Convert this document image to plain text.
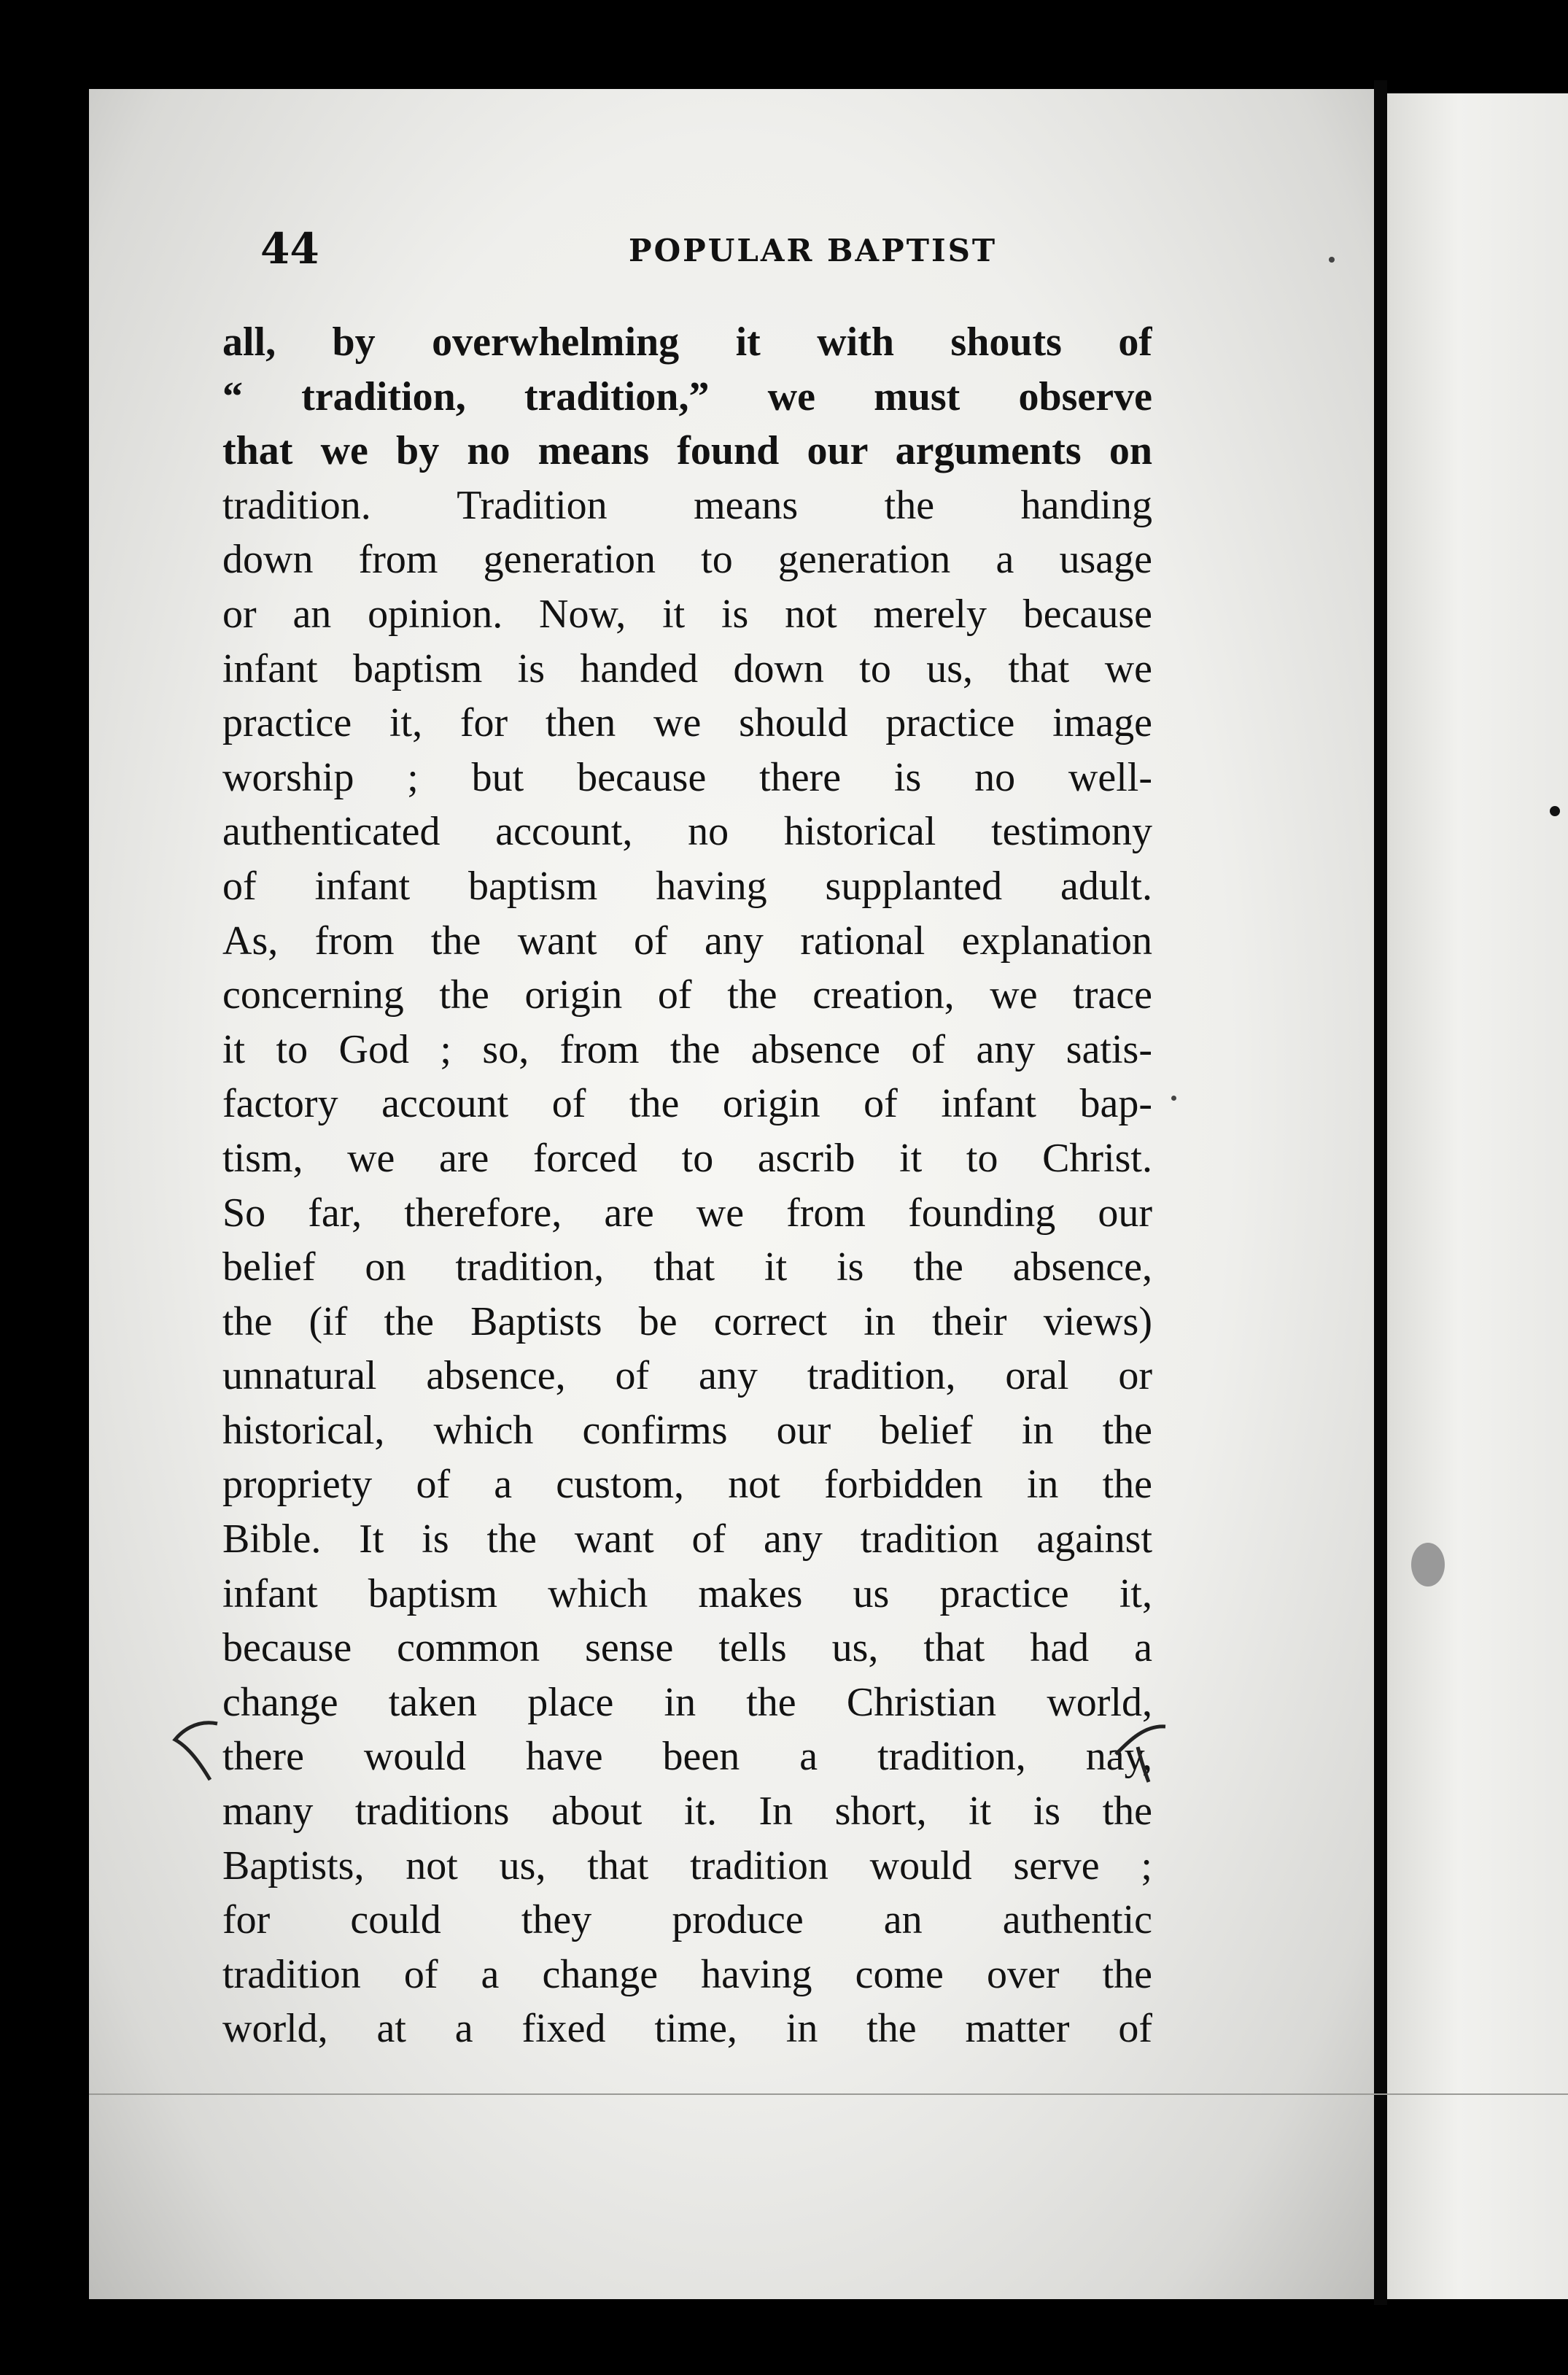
44	POPULAR BAPTIST
all, by overwhelming it with shouts of
“ tradition, tradition,” we must observe
that we by no means found our arguments on
tradition. Tradition means the handing
down from generation to generation a usage
or an opinion. Now, it is not merely because
infant baptism is handed down to us, that we
practice it, for then we should practice image
worship ; but because there is no well-
authenticated account, no historical testimony
of infant baptism having supplanted adult.
As, from the want of any rational explanation
concerning the origin of the creation, we trace
it to God ; so, from the absence of any satis-
factory account of the origin of infant bap-
tism, we are forced to ascrib it to Christ.
So far, therefore, are we from founding our
belief on tradition, that it is the absence,
the (if the Baptists be correct in their views)
unnatural absence, of any tradition, oral or
historical, which confirms our belief in the
propriety of a custom, not forbidden in the
Bible. It is the want of any tradition against
infant baptism which makes us practice it,
because common sense tells us, that had a
change taken place in the Christian world,
there would have been a tradition, nay,
many traditions about it. In short, it is the
Baptists, not us, that tradition would serve ;
for could they produce an authentic
tradition of a change having come over the
world, at a fixed time, in the matter of
